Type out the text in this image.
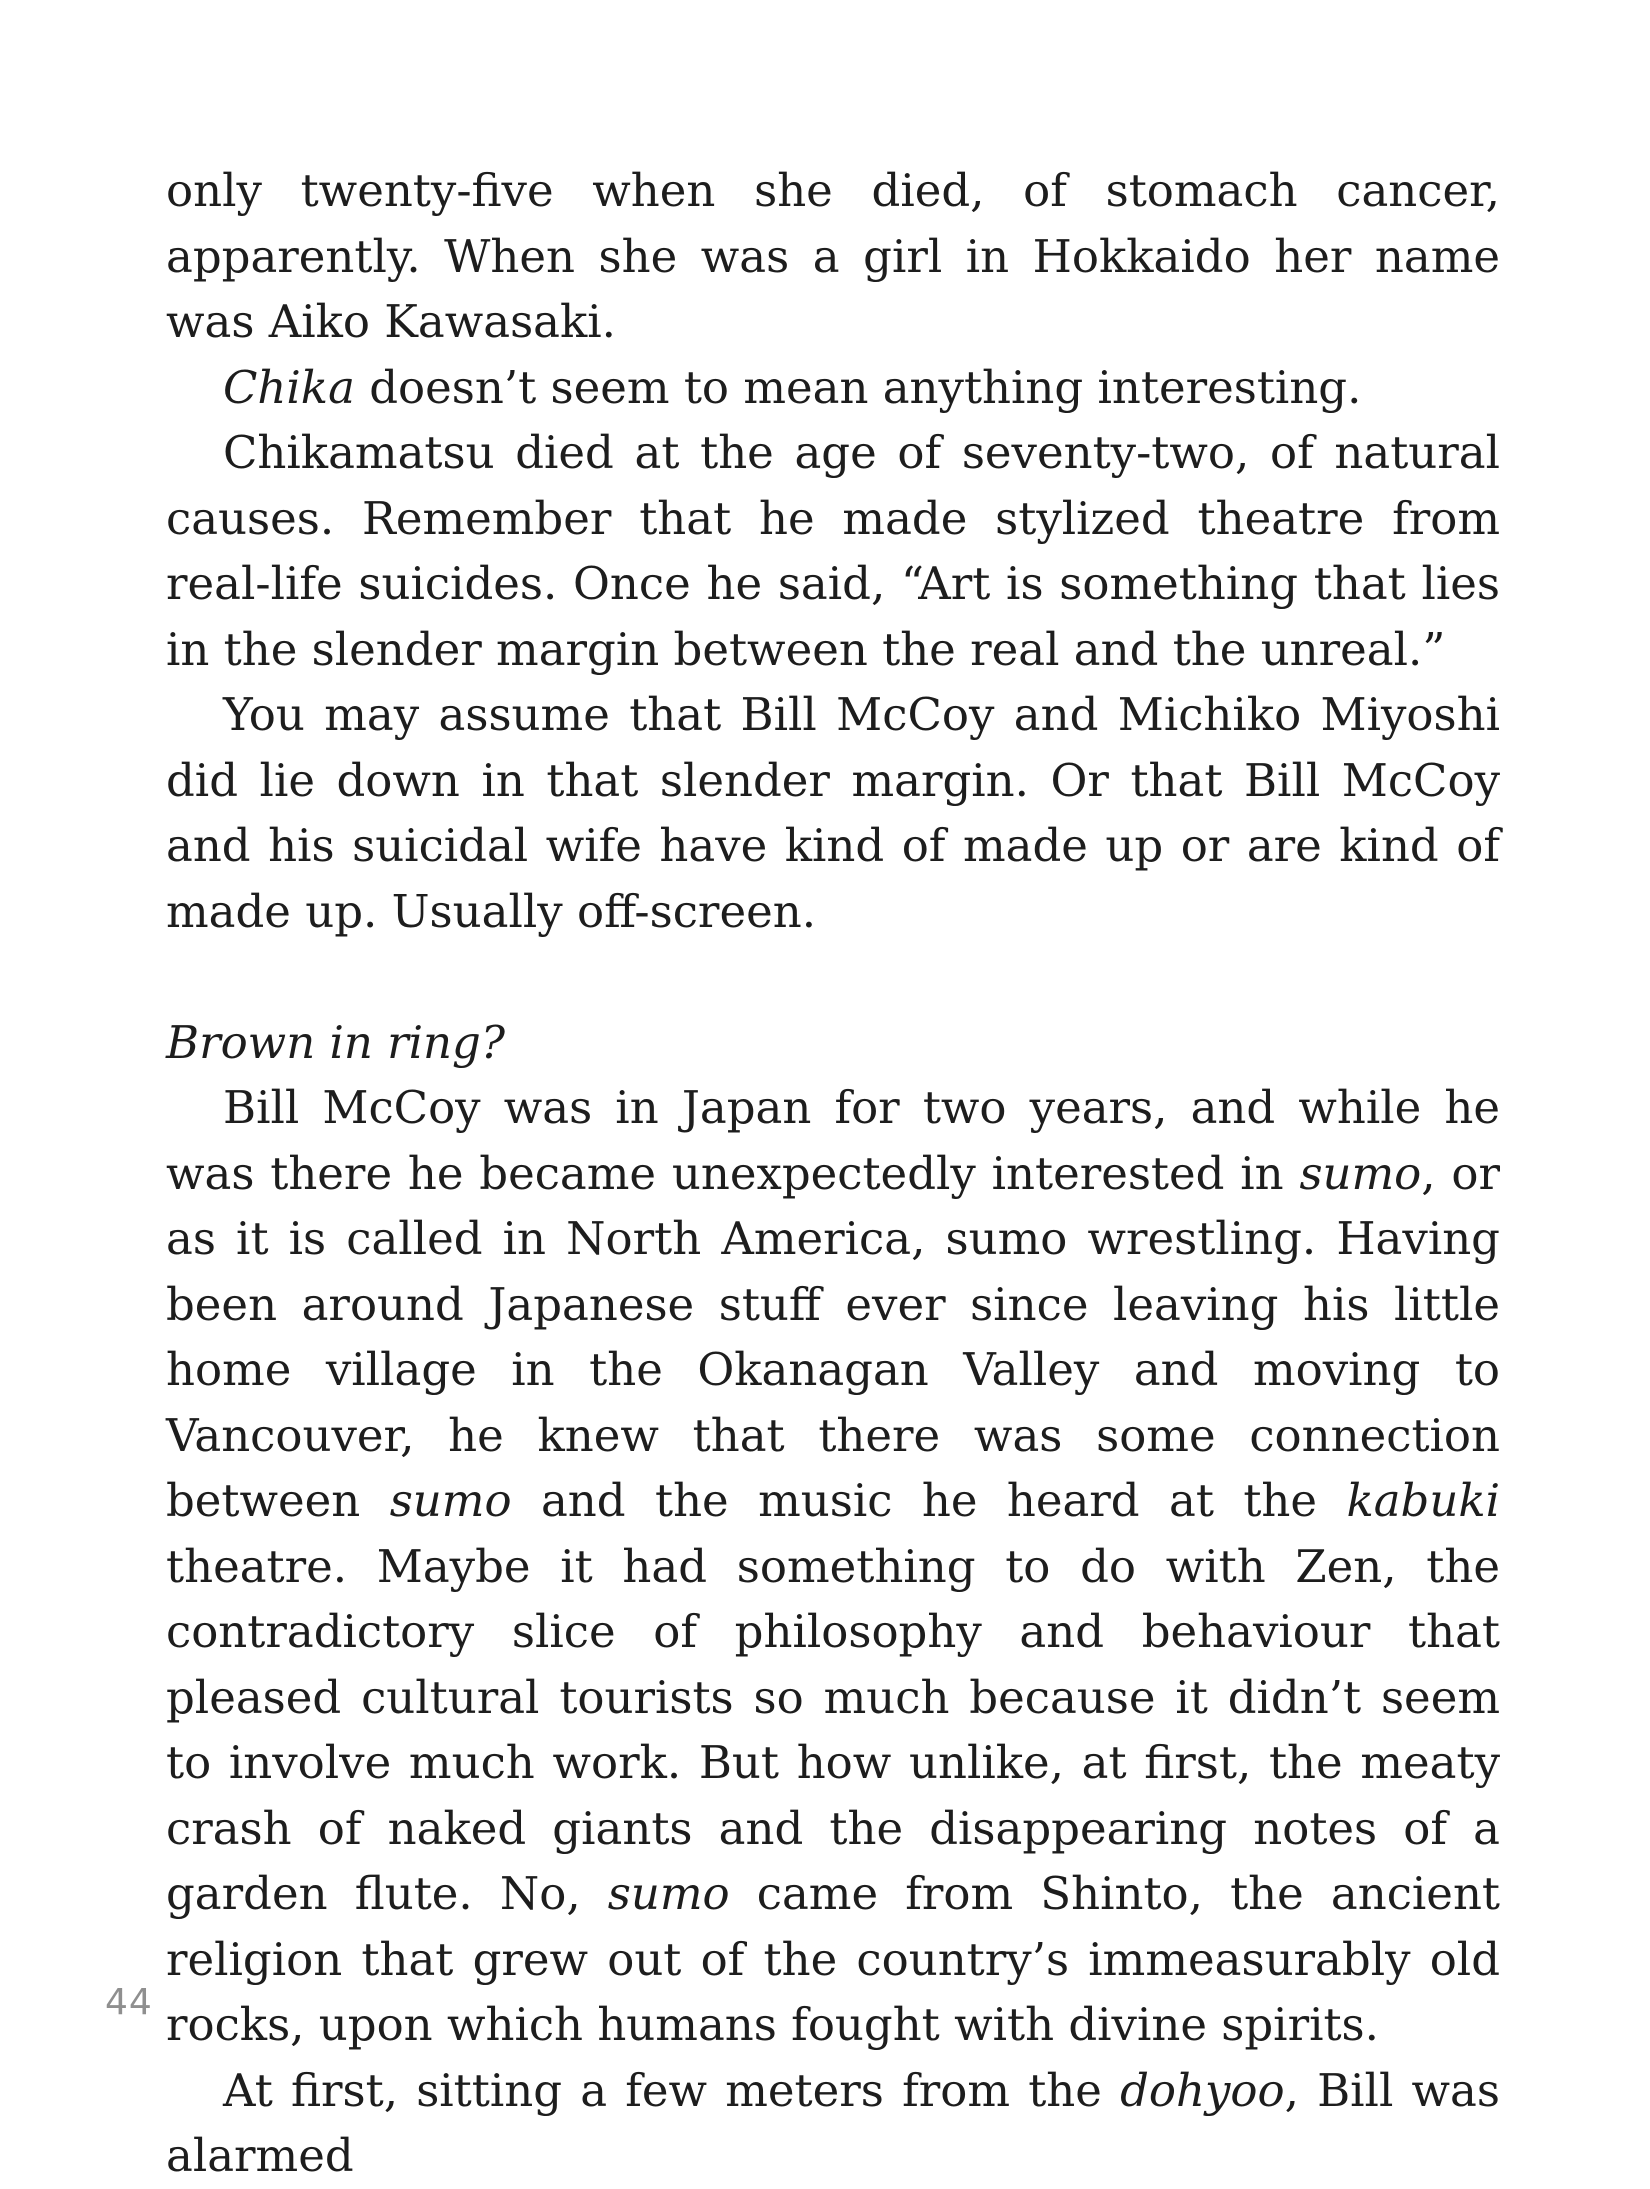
only twenty-five when she died, of stomach cancer, apparently. When she was a girl in Hokkaido her name was Aiko Kawasaki.

Chika doesn’t seem to mean anything interesting.

Chikamatsu died at the age of seventy-two, of natural causes. Remember that he made stylized theatre from real-life suicides. Once he said, “Art is something that lies in the slender margin between the real and the unreal.”

You may assume that Bill McCoy and Michiko Miyoshi did lie down in that slender margin. Or that Bill McCoy and his suicidal wife have kind of made up or are kind of made up. Usually off-screen.

Brown in ring?

Bill McCoy was in Japan for two years, and while he was there he became unexpectedly interested in sumo, or as it is called in North America, sumo wrestling. Having been around Japanese stuff ever since leaving his little home village in the Okanagan Valley and moving to Vancouver, he knew that there was some connection between sumo and the music he heard at the kabuki theatre. Maybe it had something to do with Zen, the contradictory slice of philosophy and behaviour that pleased cultural tourists so much because it didn’t seem to involve much work. But how unlike, at first, the meaty crash of naked giants and the disappearing notes of a garden flute. No, sumo came from Shinto, the ancient religion that grew out of the country’s immeasurably old rocks, upon which humans fought with divine spirits.

At first, sitting a few meters from the dohyoo, Bill was alarmed

44
